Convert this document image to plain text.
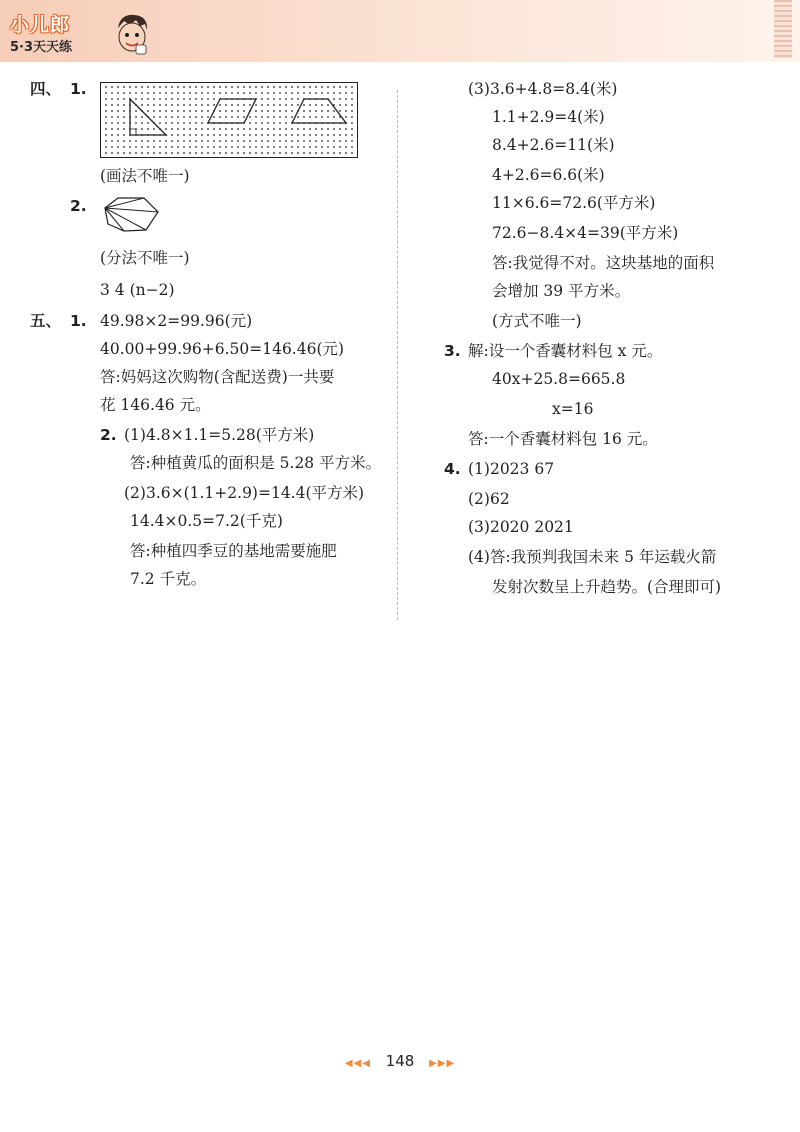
小儿郎
5·3天天练
四、 1.
(画法不唯一)
2.
(分法不唯一)
3 4 (n−2)
五、 1. 49.98×2=99.96(元)
40.00+99.96+6.50=146.46(元)
答:妈妈这次购物(含配送费)一共要
花 146.46 元。
2. (1)4.8×1.1=5.28(平方米)
答:种植黄瓜的面积是 5.28 平方米。
(2)3.6×(1.1+2.9)=14.4(平方米)
14.4×0.5=7.2(千克)
答:种植四季豆的基地需要施肥
7.2 千克。
(3)3.6+4.8=8.4(米)
1.1+2.9=4(米)
8.4+2.6=11(米)
4+2.6=6.6(米)
11×6.6=72.6(平方米)
72.6−8.4×4=39(平方米)
答:我觉得不对。这块基地的面积
会增加 39 平方米。
(方式不唯一)
3. 解:设一个香囊材料包 x 元。
40x+25.8=665.8
x=16
答:一个香囊材料包 16 元。
4. (1)2023 67
(2)62
(3)2020 2021
(4)答:我预判我国未来 5 年运载火箭
发射次数呈上升趋势。(合理即可)
◀◀◀ 148 ▶▶▶
